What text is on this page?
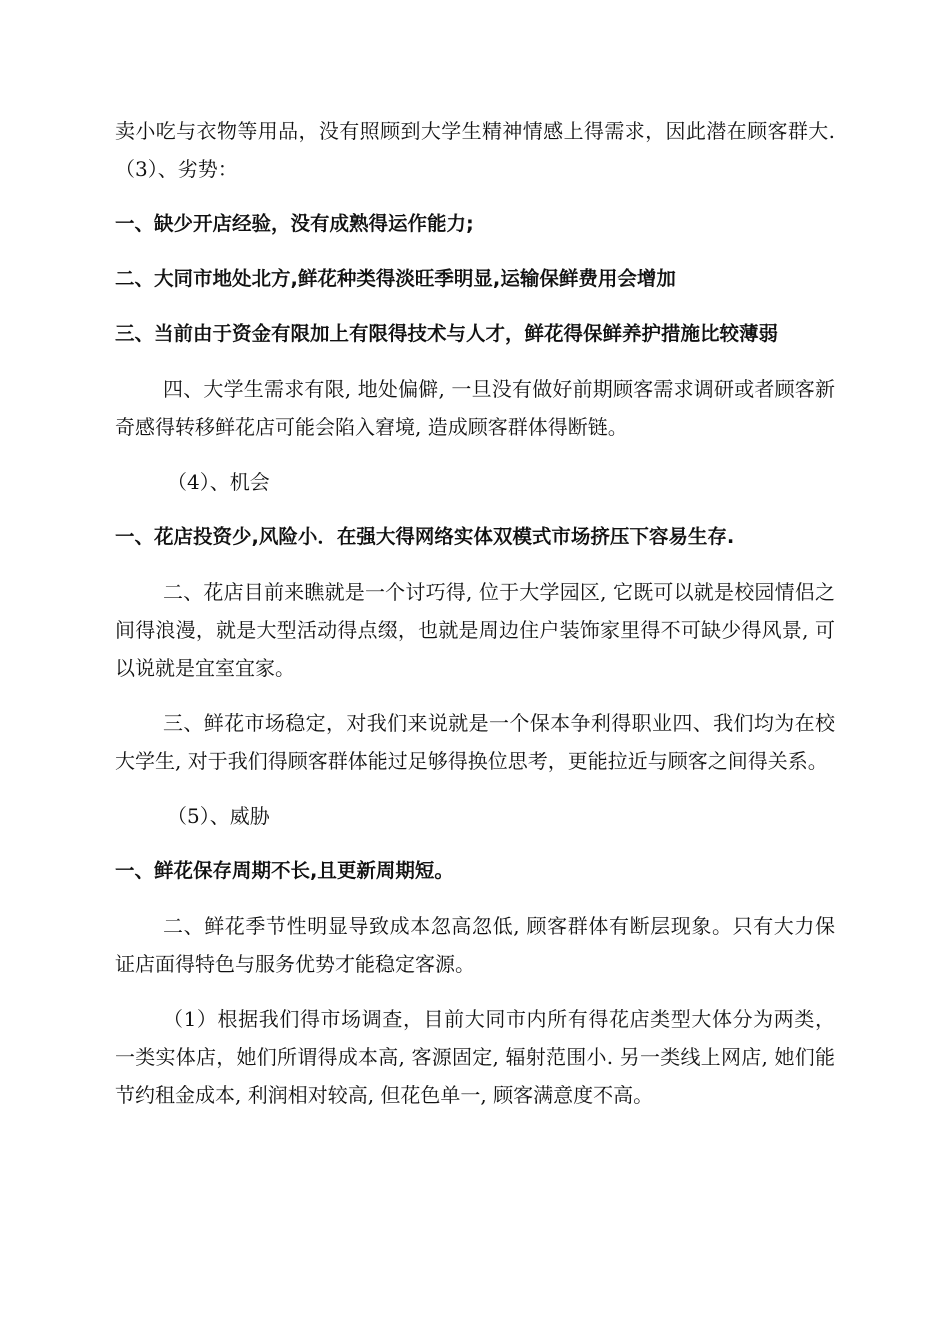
卖小吃与衣物等用品，没有照顾到大学生精神情感上得需求，因此潜在顾客群大.（3）、劣势：

一、缺少开店经验，没有成熟得运作能力;

二、大同市地处北方,鲜花种类得淡旺季明显,运输保鲜费用会增加

三、当前由于资金有限加上有限得技术与人才，鲜花得保鲜养护措施比较薄弱

四、大学生需求有限, 地处偏僻, 一旦没有做好前期顾客需求调研或者顾客新奇感得转移鲜花店可能会陷入窘境, 造成顾客群体得断链。

（4）、机会

一、花店投资少,风险小．在强大得网络实体双模式市场挤压下容易生存.

二、花店目前来瞧就是一个讨巧得, 位于大学园区, 它既可以就是校园情侣之间得浪漫，就是大型活动得点缀，也就是周边住户装饰家里得不可缺少得风景, 可以说就是宜室宜家。

三、鲜花市场稳定，对我们来说就是一个保本争利得职业四、我们均为在校大学生, 对于我们得顾客群体能过足够得换位思考，更能拉近与顾客之间得关系。

（5）、威胁

一、鲜花保存周期不长,且更新周期短。

二、鲜花季节性明显导致成本忽高忽低, 顾客群体有断层现象。只有大力保证店面得特色与服务优势才能稳定客源。

（1）根据我们得市场调查，目前大同市内所有得花店类型大体分为两类，一类实体店，她们所谓得成本高, 客源固定, 辐射范围小. 另一类线上网店, 她们能节约租金成本, 利润相对较高, 但花色单一, 顾客满意度不高。
